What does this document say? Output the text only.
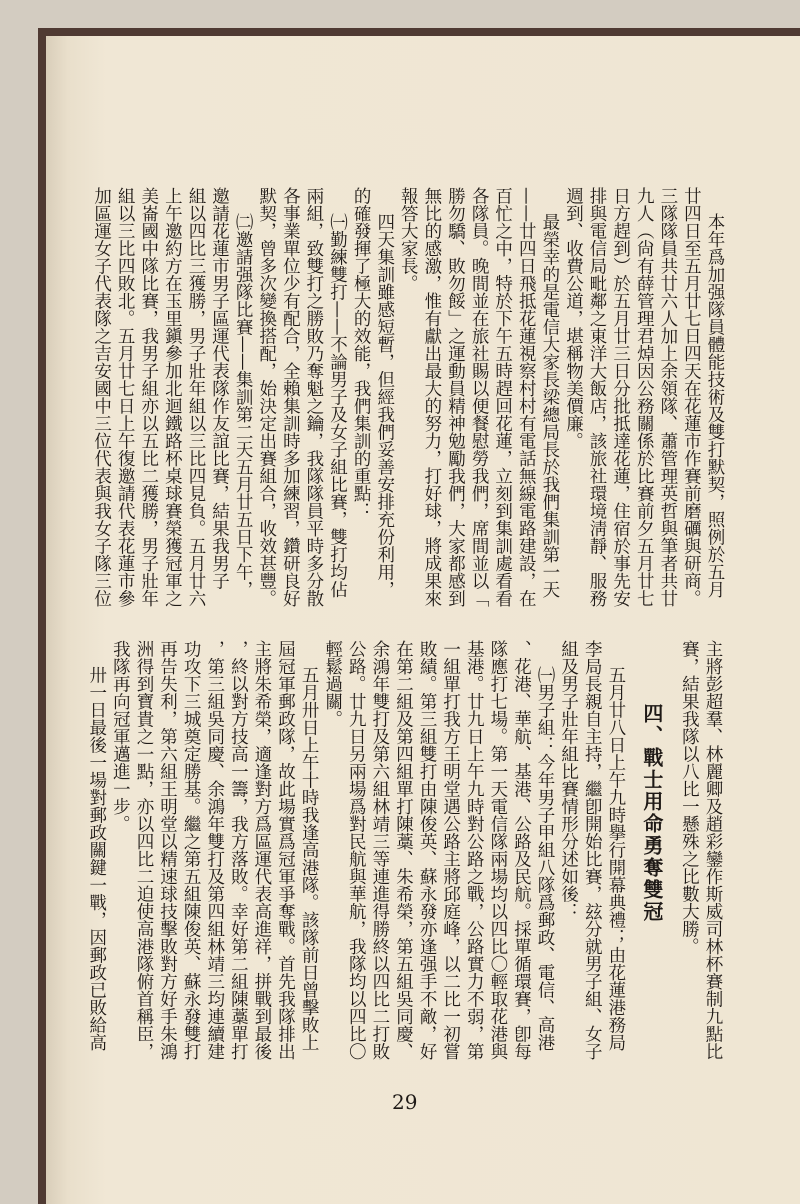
本年爲加强隊員體能技術及雙打默契，照例於五月
廿四日至五月廿七日四天在花蓮市作賽前磨礪與研商。
三隊隊員共廿六人加上余領隊、蕭管理英哲與筆者共廿
九人（尙有薛管理君焯因公務關係於比賽前夕五月廿七
日方趕到）於五月廿三日分批抵達花蓮，住宿於事先安
排與電信局毗鄰之東洋大飯店，該旅社環境淸靜、服務
週到、收費公道，堪稱物美價廉。
最榮幸的是電信大家長梁總局長於我們集訓第一天
——廿四日飛抵花蓮視察村村有電話無線電路建設，在
百忙之中，特於下午五時趕回花蓮，立刻到集訓處看看
各隊員。晚間並在旅社賜以便餐慰勞我們，席間並以「
勝勿驕、敗勿餒」之運動員精神勉勵我們，大家都感到
無比的感激，惟有獻出最大的努力，打好球，將成果來
報答大家長。
四天集訓雖感短暫，但經我們妥善安排充份利用，
的確發揮了極大的效能，我們集訓的重點：
㈠勤練雙打——不論男子及女子組比賽，雙打均佔
兩組，致雙打之勝敗乃奪魁之鑰，我隊隊員平時多分散
各事業單位少有配合，全賴集訓時多加練習，鑽研良好
默契，曾多次變換搭配，始決定出賽組合，收效甚豐。
㈡邀請强隊比賽——集訓第二天五月廿五日下午，
邀請花蓮市男子區運代表隊作友誼比賽，結果我男子
組以四比三獲勝，男子壯年組以三比四見負。五月廿六
上午邀約方在玉里鎭參加北迴鐵路杯桌球賽榮獲冠軍之
美崙國中隊比賽，我男子組亦以五比二獲勝，男子壯年
組以三比四敗北。五月廿七日上午復邀請代表花蓮市參
加區運女子代表隊之吉安國中三位代表與我女子隊三位
主將彭超羣、林麗卿及趙彩鑾作斯威司林杯賽制九點比
賽，結果我隊以八比一懸殊之比數大勝。
四、戰士用命勇奪雙冠
五月廿八日上午九時擧行開幕典禮；由花蓮港務局
李局長親自主持，繼卽開始比賽，玆分就男子組、女子
組及男子壯年組比賽情形分述如後：
㈠男子組：今年男子甲組八隊爲郵政、電信、高港
、花港、華航、基港、公路及民航。採單循環賽，卽每
隊應打七場。第一天電信隊兩場均以四比〇輕取花港與
基港。廿九日上午九時對公路之戰，公路實力不弱，第
一組單打我方王明堂遇公路主將邱庭峰，以二比一初嘗
敗績。第三組雙打由陳俊英、蘇永發亦逢强手不敵，好
在第二組及第四組單打陳藁、朱希榮，第五組吳同慶、
余鴻年雙打及第六組林靖三等連進得勝終以四比二打敗
公路。廿九日另兩場爲對民航與華航，我隊均以四比〇
輕鬆過關。
五月卅日上午十時我逢高港隊。該隊前日曾擊敗上
屆冠軍郵政隊，故此場實爲冠軍爭奪戰。首先我隊排出
主將朱希榮，適逢對方爲區運代表高進祥，拼戰到最後
，終以對方技高一籌，我方落敗。幸好第二組陳藁單打
，第三組吳同慶、余鴻年雙打及第四組林靖三均連續建
功攻下三城奠定勝基。繼之第五組陳俊英、蘇永發雙打
再告失利，第六組王明堂以精速球技擊敗對方好手朱鴻
洲得到寶貴之一點，亦以四比二迫使高港隊俯首稱臣，
我隊再向冠軍邁進一步。
卅一日最後一場對郵政關鍵一戰，因郵政已敗給高
29
